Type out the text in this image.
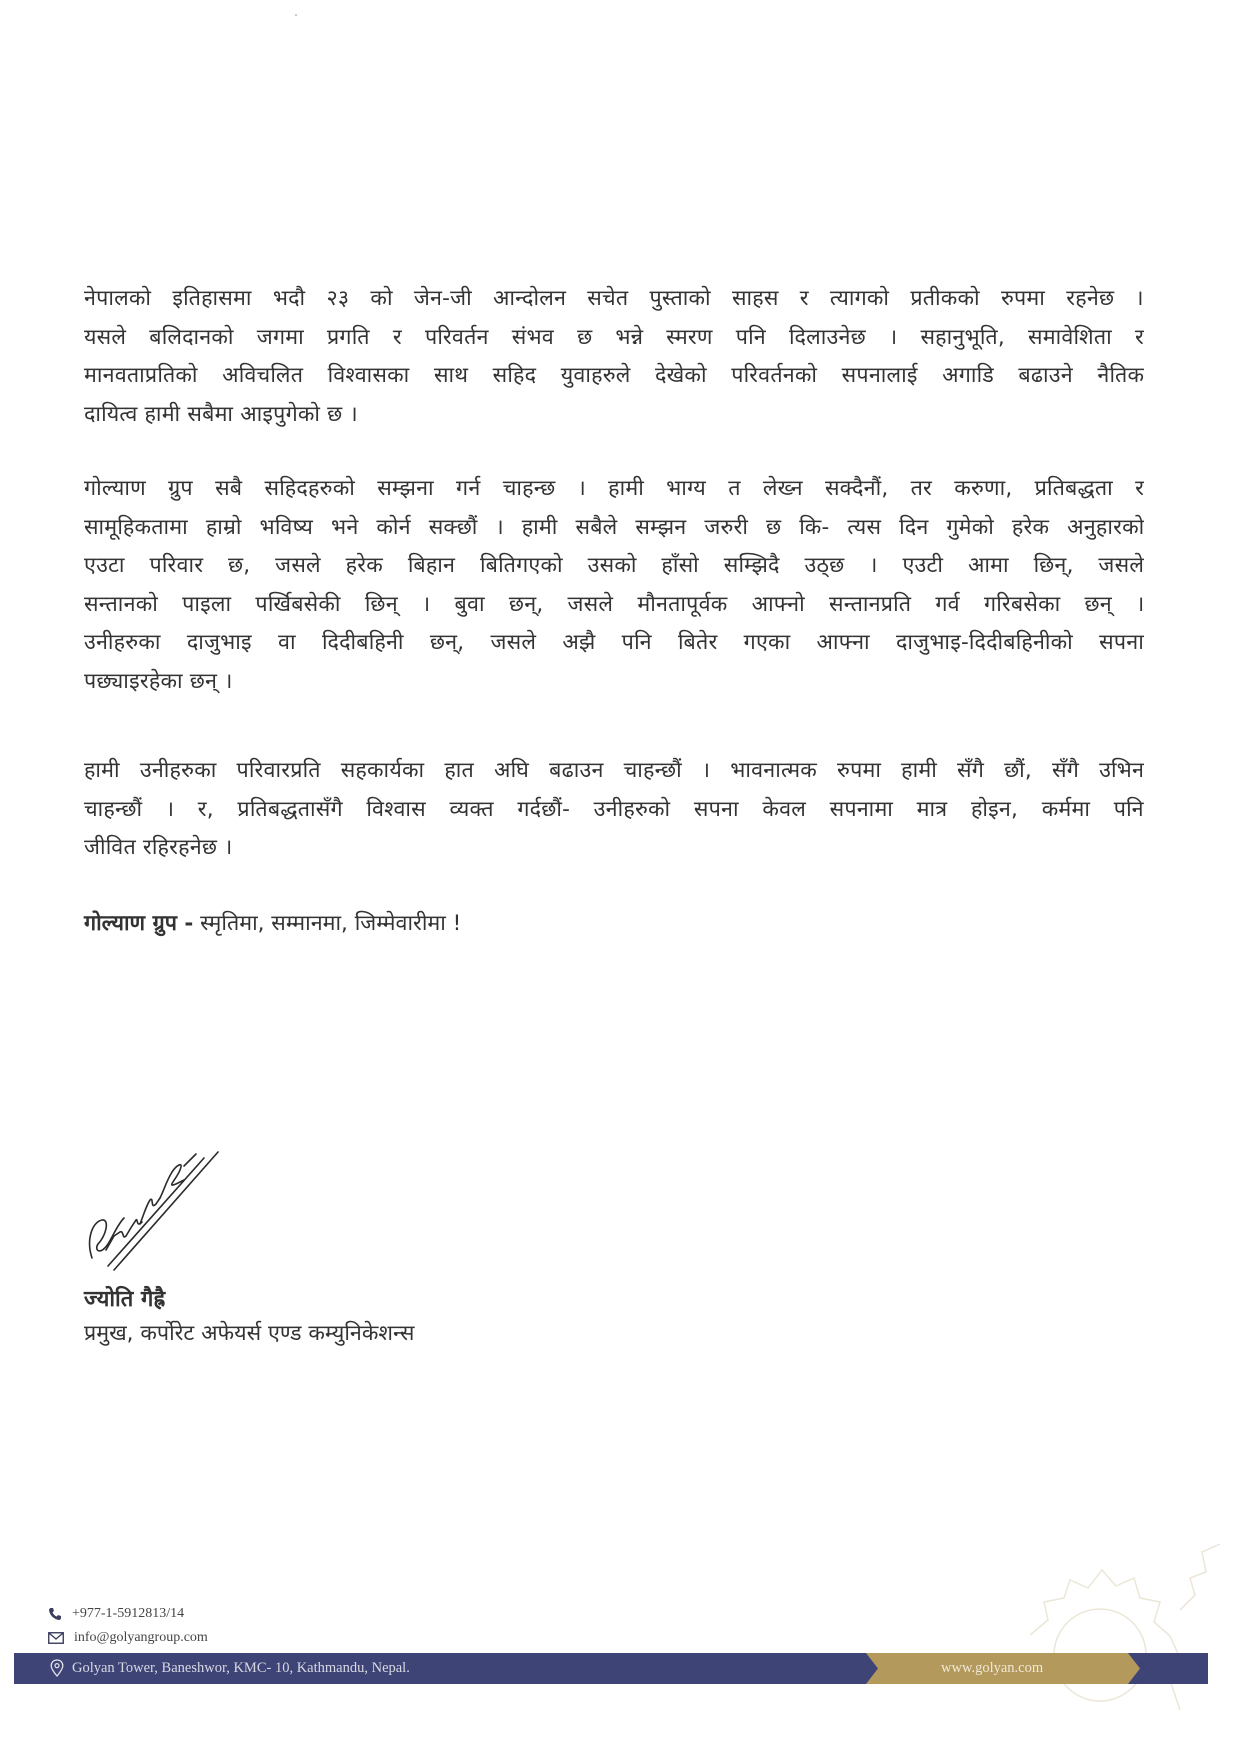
नेपालको इतिहासमा भदौ २३ को जेन-जी आन्दोलन सचेत पुस्ताको साहस र त्यागको प्रतीकको रुपमा रहनेछ ।
यसले बलिदानको जगमा प्रगति र परिवर्तन संभव छ भन्ने स्मरण पनि दिलाउनेछ । सहानुभूति, समावेशिता र
मानवताप्रतिको अविचलित विश्वासका साथ सहिद युवाहरुले देखेको परिवर्तनको सपनालाई अगाडि बढाउने नैतिक
दायित्व हामी सबैमा आइपुगेको छ ।
गोल्याण ग्रुप सबै सहिदहरुको सम्झना गर्न चाहन्छ । हामी भाग्य त लेख्न सक्दैनौं, तर करुणा, प्रतिबद्धता र
सामूहिकतामा हाम्रो भविष्य भने कोर्न सक्छौं । हामी सबैले सम्झन जरुरी छ कि- त्यस दिन गुमेको हरेक अनुहारको
एउटा परिवार छ, जसले हरेक बिहान बितिगएको उसको हाँसो सम्झिदै उठ्छ । एउटी आमा छिन्, जसले
सन्तानको पाइला पर्खिबसेकी छिन् । बुवा छन्, जसले मौनतापूर्वक आफ्नो सन्तानप्रति गर्व गरिबसेका छन् ।
उनीहरुका दाजुभाइ वा दिदीबहिनी छन्, जसले अझै पनि बितेर गएका आफ्ना दाजुभाइ-दिदीबहिनीको सपना
पछ्याइरहेका छन् ।
हामी उनीहरुका परिवारप्रति सहकार्यका हात अघि बढाउन चाहन्छौं । भावनात्मक रुपमा हामी सँगै छौं, सँगै उभिन
चाहन्छौं । र, प्रतिबद्धतासँगै विश्वास व्यक्त गर्दछौं- उनीहरुको सपना केवल सपनामा मात्र होइन, कर्ममा पनि
जीवित रहिरहनेछ ।
गोल्याण ग्रुप - स्मृतिमा, सम्मानमा, जिम्मेवारीमा !
ज्योति गैह्रै
प्रमुख, कर्पोरेट अफेयर्स एण्ड कम्युनिकेशन्स
+977-1-5912813/14
info@golyangroup.com
Golyan Tower, Baneshwor, KMC- 10, Kathmandu, Nepal.	www.golyan.com
